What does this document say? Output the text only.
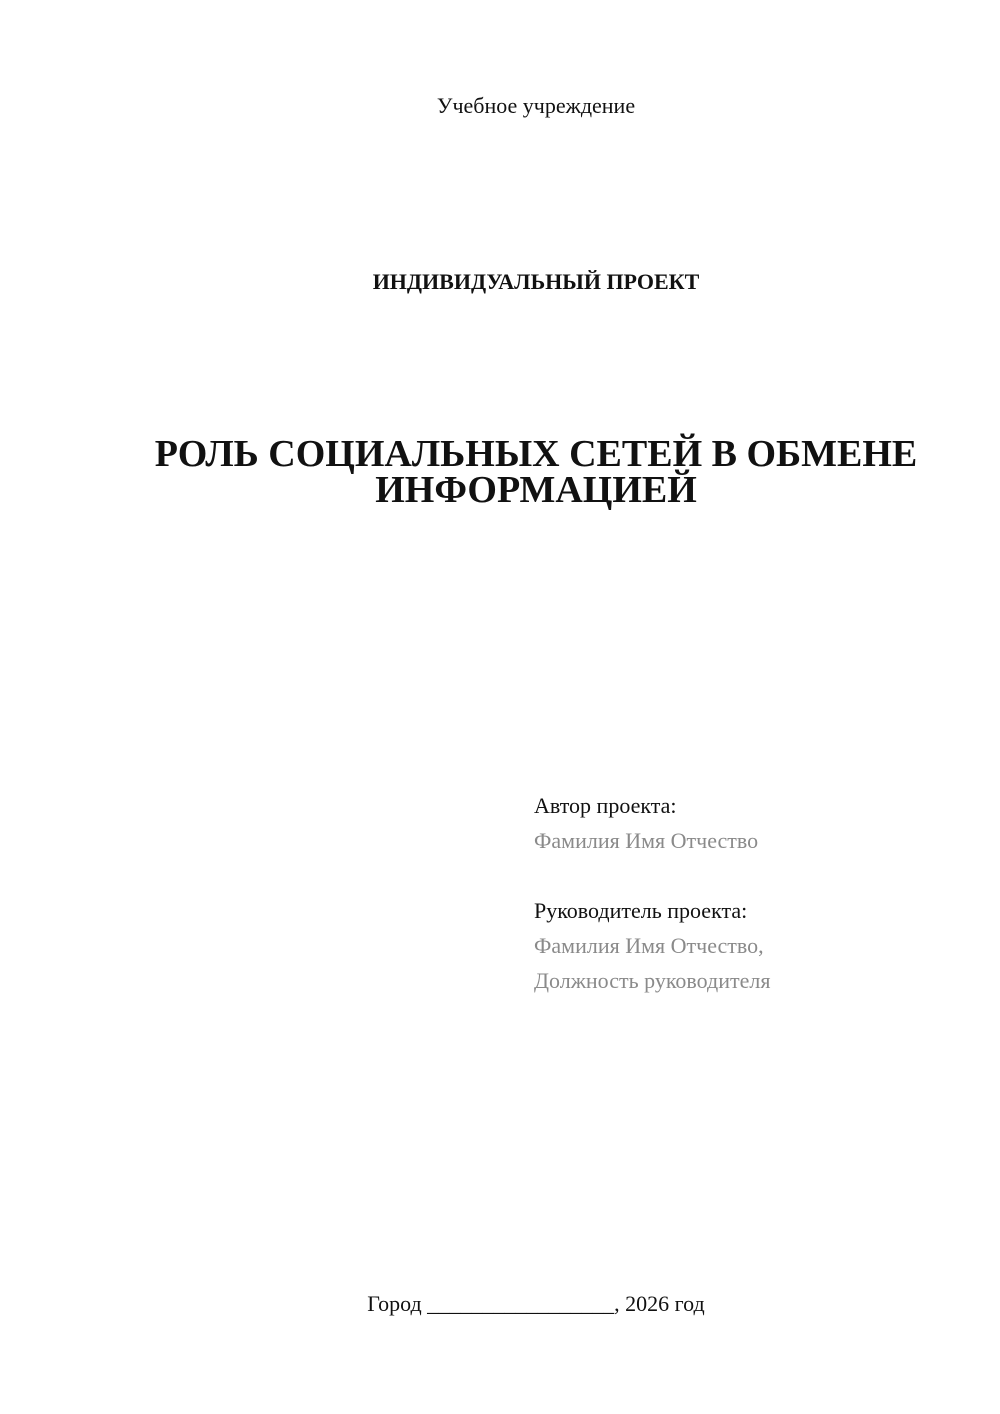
Учебное учреждение
ИНДИВИДУАЛЬНЫЙ ПРОЕКТ
РОЛЬ СОЦИАЛЬНЫХ СЕТЕЙ В ОБМЕНЕ
ИНФОРМАЦИЕЙ
Автор проекта:
Фамилия Имя Отчество
Руководитель проекта:
Фамилия Имя Отчество,
Должность руководителя
Город _________________, 2026 год
